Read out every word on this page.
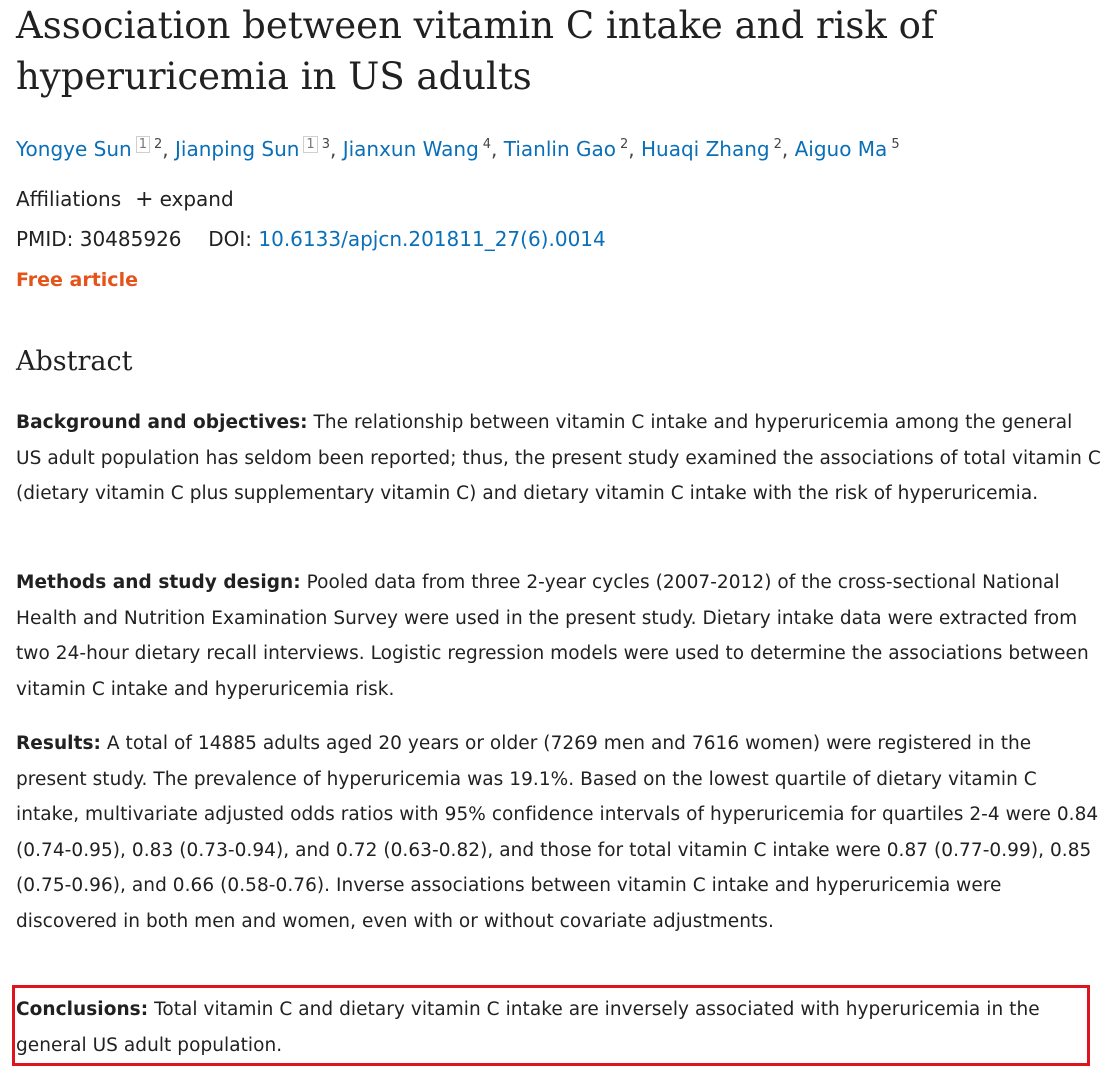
Association between vitamin C intake and risk of hyperuricemia in US adults
Yongye Sun $^1$ $^2$, Jianping Sun $^1$ $^3$, Jianxun Wang $^4$, Tianlin Gao $^2$, Huaqi Zhang $^2$, Aiguo Ma $^5$
Affiliations + expand
PMID: 30485926 DOI: 10.6133/apjcn.201811_27(6).0014
Free article
Abstract

Background and objectives: The relationship between vitamin C intake and hyperuricemia among the general US adult population has seldom been reported; thus, the present study examined the associations of total vitamin C (dietary vitamin C plus supplementary vitamin C) and dietary vitamin C intake with the risk of hyperuricemia.

Methods and study design: Pooled data from three 2-year cycles (2007-2012) of the cross-sectional National Health and Nutrition Examination Survey were used in the present study. Dietary intake data were extracted from two 24-hour dietary recall interviews. Logistic regression models were used to determine the associations between vitamin C intake and hyperuricemia risk.

Results: A total of 14885 adults aged 20 years or older (7269 men and 7616 women) were registered in the present study. The prevalence of hyperuricemia was 19.1%. Based on the lowest quartile of dietary vitamin C intake, multivariate adjusted odds ratios with 95% confidence intervals of hyperuricemia for quartiles 2-4 were 0.84 (0.74-0.95), 0.83 (0.73-0.94), and 0.72 (0.63-0.82), and those for total vitamin C intake were 0.87 (0.77-0.99), 0.85 (0.75-0.96), and 0.66 (0.58-0.76). Inverse associations between vitamin C intake and hyperuricemia were discovered in both men and women, even with or without covariate adjustments.

Conclusions: Total vitamin C and dietary vitamin C intake are inversely associated with hyperuricemia in the general US adult population.
